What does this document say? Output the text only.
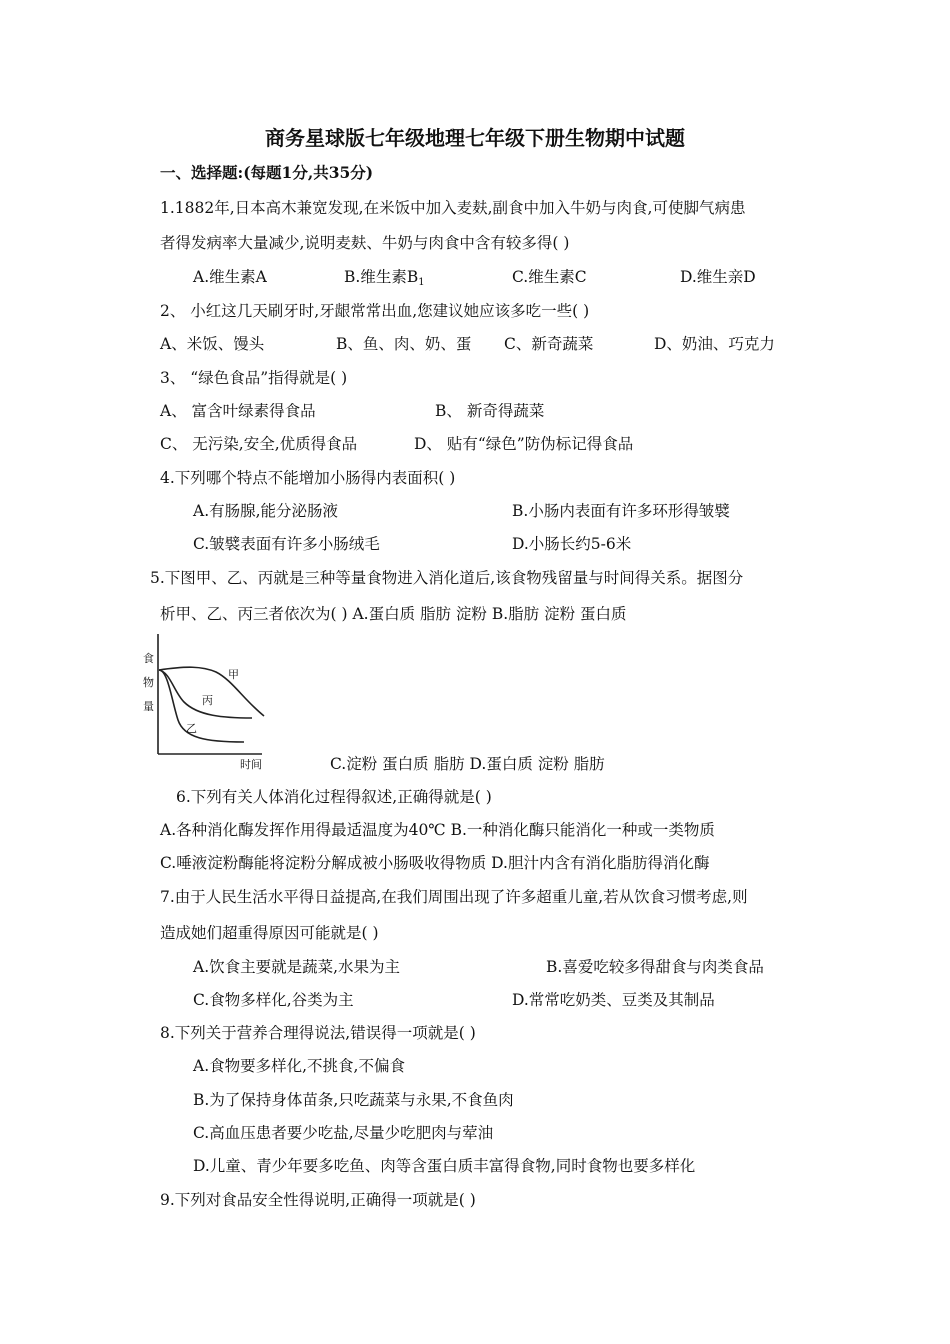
商务星球版七年级地理七年级下册生物期中试题
一、选择题:(每题1分,共35分)
1.1882年,日本高木兼宽发现,在米饭中加入麦麸,副食中加入牛奶与肉食,可使脚气病患
者得发病率大量减少,说明麦麸、牛奶与肉食中含有较多得( )
A.维生素A	B.维生素$B_1$	C.维生素C	D.维生亲D
2、 小红这几天刷牙时,牙龈常常出血,您建议她应该多吃一些( )
A、米饭、馒头	B、鱼、肉、奶、蛋 C、新奇蔬菜	D、奶油、巧克力
3、 “绿色食品”指得就是( )
A、 富含叶绿素得食品	B、 新奇得蔬菜
C、 无污染,安全,优质得食品	D、 贴有“绿色”防伪标记得食品
4.下列哪个特点不能增加小肠得内表面积( )
A.有肠腺,能分泌肠液	B.小肠内表面有许多环形得皱襞
C.皱襞表面有许多小肠绒毛	D.小肠长约5-6米
5.下图甲、乙、丙就是三种等量食物进入消化道后,该食物残留量与时间得关系。据图分
析甲、乙、丙三者依次为( ) A.蛋白质 脂肪 淀粉 B.脂肪 淀粉 蛋白质
食
物
量
时间
甲
丙
乙
C.淀粉 蛋白质 脂肪 D.蛋白质 淀粉 脂肪
6.下列有关人体消化过程得叙述,正确得就是( )
A.各种消化酶发挥作用得最适温度为40℃ B.一种消化酶只能消化一种或一类物质
C.唾液淀粉酶能将淀粉分解成被小肠吸收得物质 D.胆汁内含有消化脂肪得消化酶
7.由于人民生活水平得日益提高,在我们周围出现了许多超重儿童,若从饮食习惯考虑,则
造成她们超重得原因可能就是( )
A.饮食主要就是蔬菜,水果为主	B.喜爱吃较多得甜食与肉类食品
C.食物多样化,谷类为主	D.常常吃奶类、豆类及其制品
8.下列关于营养合理得说法,错误得一项就是( )
A.食物要多样化,不挑食,不偏食
B.为了保持身体苗条,只吃蔬菜与永果,不食鱼肉
C.高血压患者要少吃盐,尽量少吃肥肉与荤油
D.儿童、青少年要多吃鱼、肉等含蛋白质丰富得食物,同时食物也要多样化
9.下列对食品安全性得说明,正确得一项就是( )
